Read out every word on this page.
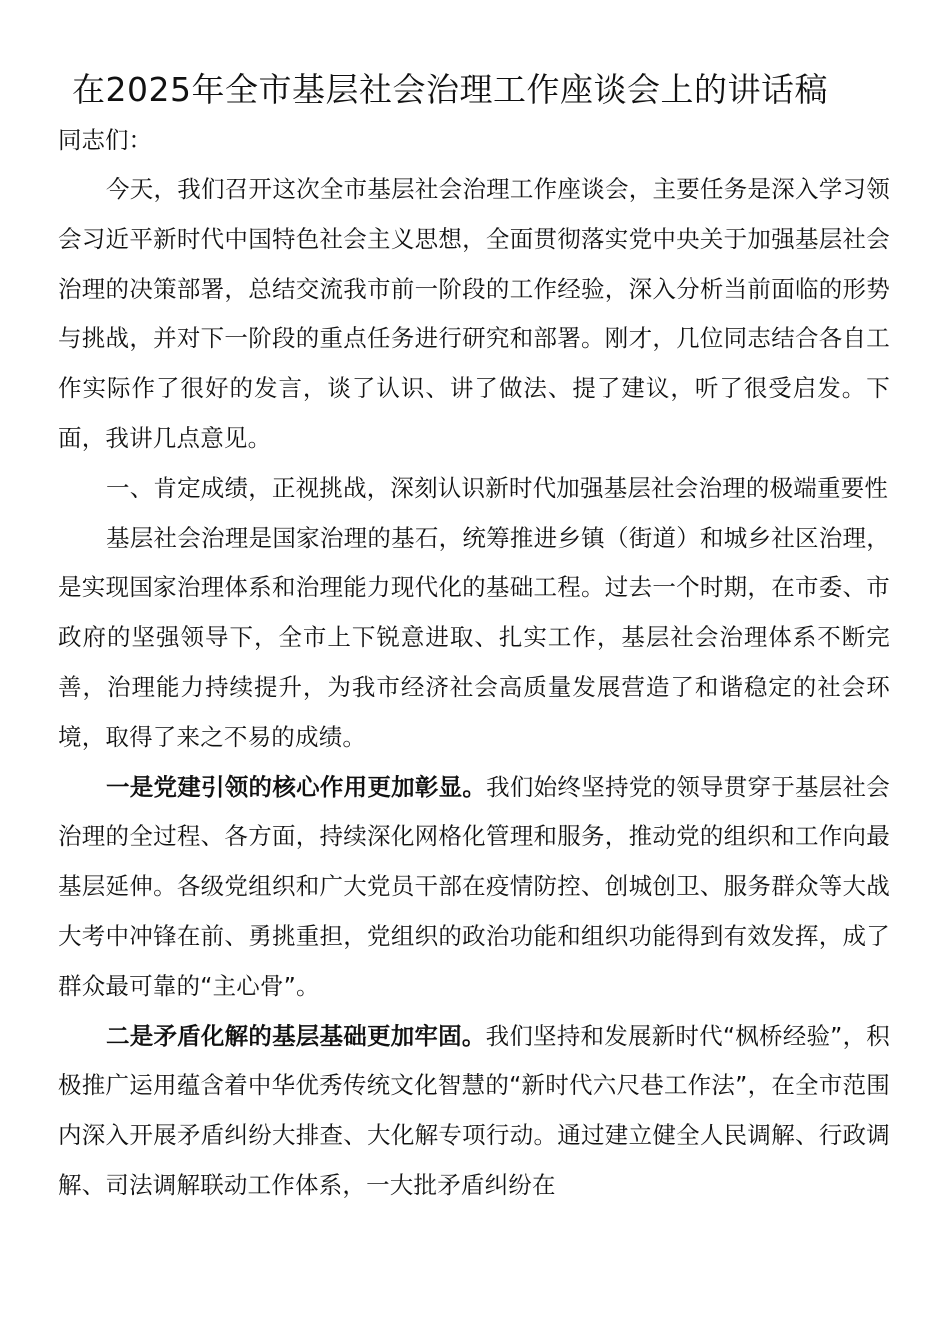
在2025年全市基层社会治理工作座谈会上的讲话稿

同志们：

今天，我们召开这次全市基层社会治理工作座谈会，主要任务是深入学习领会习近平新时代中国特色社会主义思想，全面贯彻落实党中央关于加强基层社会治理的决策部署，总结交流我市前一阶段的工作经验，深入分析当前面临的形势与挑战，并对下一阶段的重点任务进行研究和部署。刚才，几位同志结合各自工作实际作了很好的发言，谈了认识、讲了做法、提了建议，听了很受启发。下面，我讲几点意见。

一、肯定成绩，正视挑战，深刻认识新时代加强基层社会治理的极端重要性

基层社会治理是国家治理的基石，统筹推进乡镇（街道）和城乡社区治理，是实现国家治理体系和治理能力现代化的基础工程。过去一个时期，在市委、市政府的坚强领导下，全市上下锐意进取、扎实工作，基层社会治理体系不断完善，治理能力持续提升，为我市经济社会高质量发展营造了和谐稳定的社会环境，取得了来之不易的成绩。

一是党建引领的核心作用更加彰显。我们始终坚持党的领导贯穿于基层社会治理的全过程、各方面，持续深化网格化管理和服务，推动党的组织和工作向最基层延伸。各级党组织和广大党员干部在疫情防控、创城创卫、服务群众等大战大考中冲锋在前、勇挑重担，党组织的政治功能和组织功能得到有效发挥，成了群众最可靠的“主心骨”。

二是矛盾化解的基层基础更加牢固。我们坚持和发展新时代“枫桥经验”，积极推广运用蕴含着中华优秀传统文化智慧的“新时代六尺巷工作法”，在全市范围内深入开展矛盾纠纷大排查、大化解专项行动。通过建立健全人民调解、行政调解、司法调解联动工作体系，一大批矛盾纠纷在
